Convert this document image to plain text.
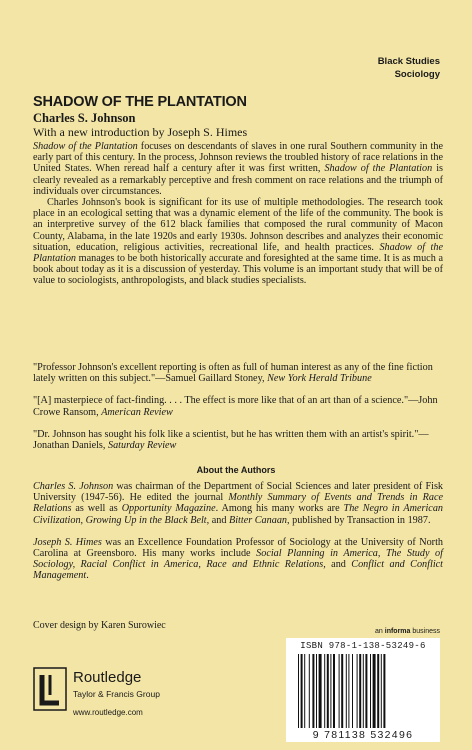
Black Studies
Sociology
SHADOW OF THE PLANTATION
Charles S. Johnson
With a new introduction by Joseph S. Himes

Shadow of the Plantation focuses on descendants of slaves in one rural Southern community in the early part of this century. In the process, Johnson reviews the troubled history of race relations in the United States. When reread half a century after it was first written, Shadow of the Plantation is clearly revealed as a remarkably perceptive and fresh comment on race relations and the triumph of individuals over circumstances.

Charles Johnson's book is significant for its use of multiple methodologies. The research took place in an ecological setting that was a dynamic element of the life of the community. The book is an interpretive survey of the 612 black families that composed the rural community of Macon County, Alabama, in the late 1920s and early 1930s. Johnson describes and analyzes their economic situation, education, religious activities, recreational life, and health practices. Shadow of the Plantation manages to be both historically accurate and foresighted at the same time. It is as much a book about today as it is a discussion of yesterday. This volume is an important study that will be of value to sociologists, anthropologists, and black studies specialists.

"Professor Johnson's excellent reporting is often as full of human interest as any of the fine fiction lately written on this subject."—Samuel Gaillard Stoney, New York Herald Tribune

"[A] masterpiece of fact-finding. . . . The effect is more like that of an art than of a science."—John Crowe Ransom, American Review

"Dr. Johnson has sought his folk like a scientist, but he has written them with an artist's spirit."—Jonathan Daniels, Saturday Review

About the Authors

Charles S. Johnson was chairman of the Department of Social Sciences and later president of Fisk University (1947-56). He edited the journal Monthly Summary of Events and Trends in Race Relations as well as Opportunity Magazine. Among his many works are The Negro in American Civilization, Growing Up in the Black Belt, and Bitter Canaan, published by Transaction in 1987.

Joseph S. Himes was an Excellence Foundation Professor of Sociology at the University of North Carolina at Greensboro. His many works include Social Planning in America, The Study of Sociology, Racial Conflict in America, Race and Ethnic Relations, and Conflict and Conflict Management.

Cover design by Karen Surowiec
Routledge
Taylor & Francis Group
www.routledge.com
an informa business
ISBN 978-1-138-53249-6
9 781138 532496
